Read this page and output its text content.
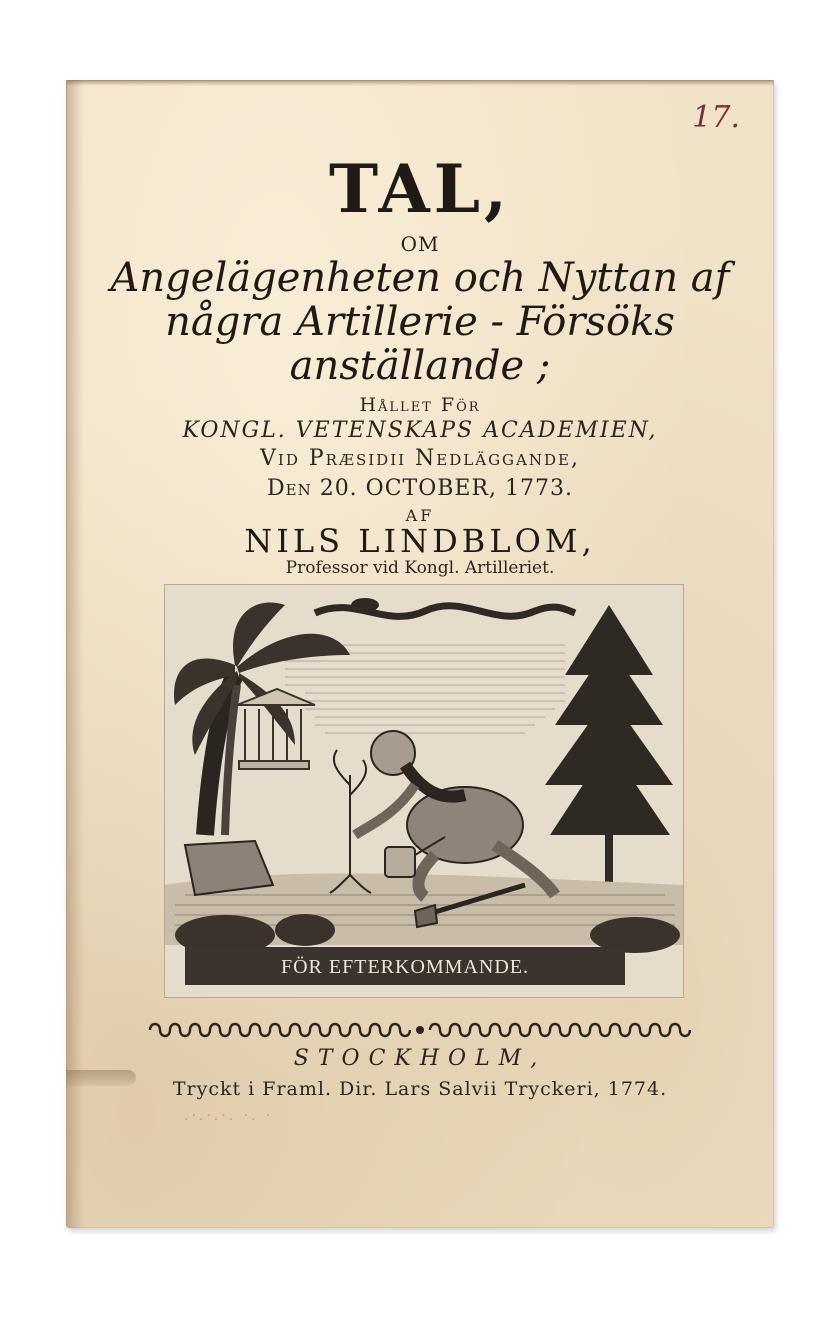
17.
TAL,
OM
Angelägenheten och Nyttan af
några Artillerie - Försöks
anställande ;
Hållet För
KONGL. VETENSKAPS ACADEMIEN,
Vid Præsidii Nedläggande,
Den 20. OCTOBER, 1773.
AF
NILS LINDBLOM,
Professor vid Kongl. Artilleriet.
FÖR EFTERKOMMANDE.
STOCKHOLM,
Tryckt i Framl. Dir. Lars Salvii Tryckeri, 1774.
.·.·.·. ·. ·
